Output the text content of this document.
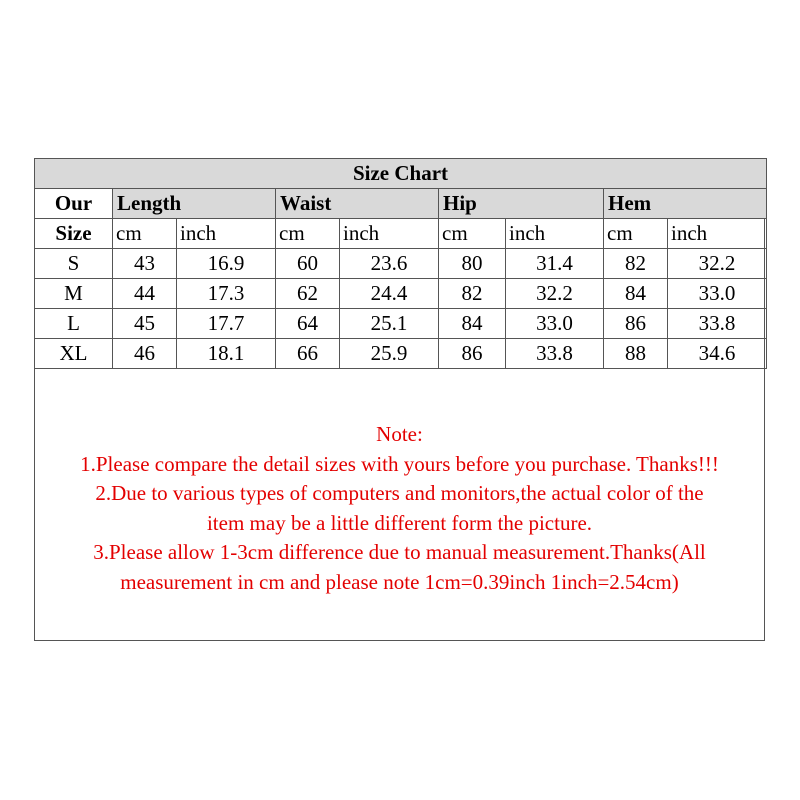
Size Chart								
Our	Length		Waist		Hip		Hem	
Size	cm	inch	cm	inch	cm	inch	cm	inch
S	43	16.9	60	23.6	80	31.4	82	32.2
M	44	17.3	62	24.4	82	32.2	84	33.0
L	45	17.7	64	25.1	84	33.0	86	33.8
XL	46	18.1	66	25.9	86	33.8	88	34.6
Note:
1.Please compare the detail sizes with yours before you purchase. Thanks!!!
2.Due to various types of computers and monitors,the actual color of the
item may be a little different form the picture.
3.Please allow 1-3cm difference due to manual measurement.Thanks(All
measurement in cm and please note 1cm=0.39inch 1inch=2.54cm)
